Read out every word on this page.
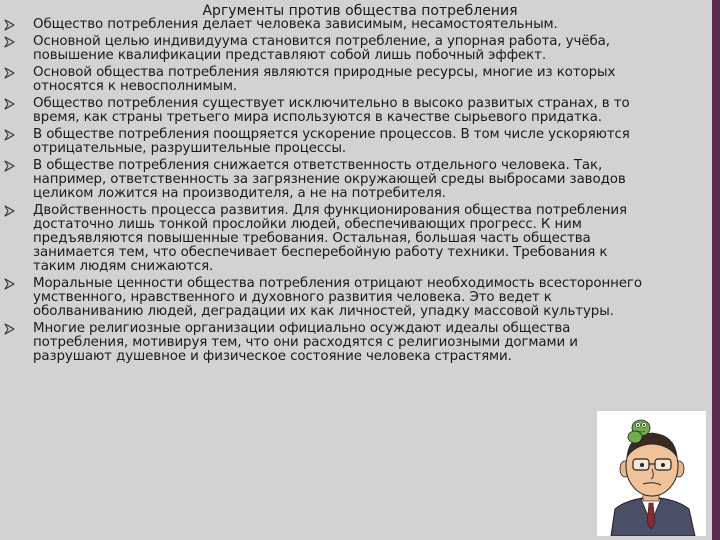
Аргументы против общества потребления
Общество потребления делает человека зависимым, несамостоятельным.
Основной целью индивидуума становится потребление, а упорная работа, учёба, повышение квалификации представляют собой лишь побочный эффект.
Основой общества потребления являются природные ресурсы, многие из которых относятся к невосполнимым.
Общество потребления существует исключительно в высоко развитых странах, в то время, как страны третьего мира используются в качестве сырьевого придатка.
В обществе потребления поощряется ускорение процессов. В том числе ускоряются отрицательные, разрушительные процессы.
В обществе потребления снижается ответственность отдельного человека. Так, например, ответственность за загрязнение окружающей среды выбросами заводов целиком ложится на производителя, а не на потребителя.
Двойственность процесса развития. Для функционирования общества потребления достаточно лишь тонкой прослойки людей, обеспечивающих прогресс. К ним предъявляются повышенные требования. Остальная, большая часть общества занимается тем, что обеспечивает бесперебойную работу техники. Требования к таким людям снижаются.
Моральные ценности общества потребления отрицают необходимость всестороннего умственного, нравственного и духовного развития человека. Это ведет к оболваниванию людей, деградации их как личностей, упадку массовой культуры.
Многие религиозные организации официально осуждают идеалы общества потребления, мотивируя тем, что они расходятся с религиозными догмами и разрушают душевное и физическое состояние человека страстями.
